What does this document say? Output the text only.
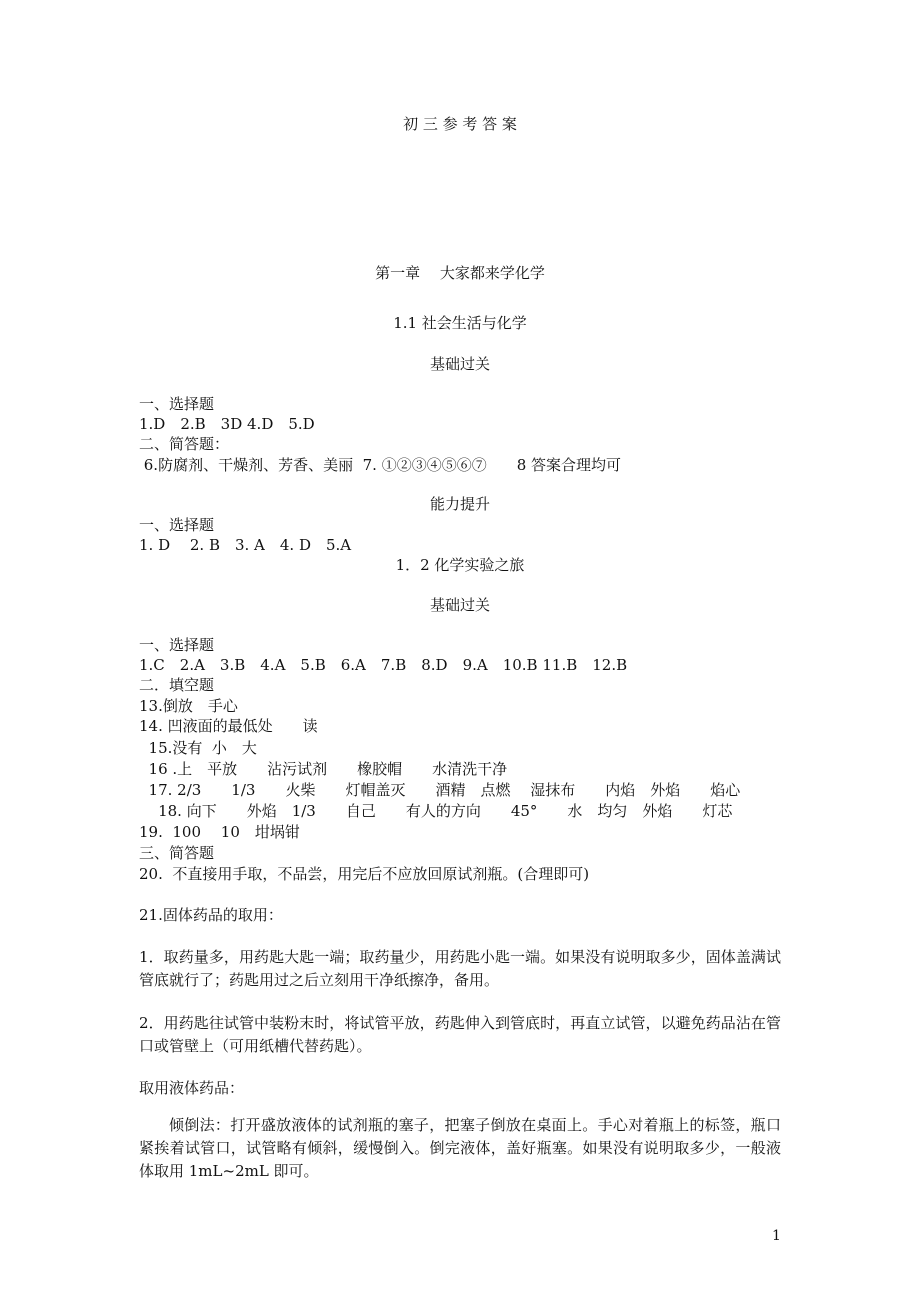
初 三 参 考 答 案
第一章　 大家都来学化学
1.1 社会生活与化学
基础过关
一、选择题
1.D　2.B　3D 4.D　5.D
二、简答题：
6.防腐剂、干燥剂、芳香、美丽  7. ①②③④⑤⑥⑦　　8 答案合理均可
能力提升
一、选择题
1. D　 2. B　3. A　4. D　5.A
1．2 化学实验之旅
基础过关
一、选择题
1.C　2.A　3.B　4.A　5.B　6.A　7.B　8.D　9.A　10.B 11.B　12.B
二．填空题
13.倒放　手心
14. 凹液面的最低处　　读
15.没有  小　大
16 .上　平放　　沾污试剂　　橡胶帽　　水清洗干净
17. 2/3　　1/3　　火柴　　灯帽盖灭　　酒精　点燃　 湿抹布　　内焰　外焰　　焰心
18. 向下　　外焰　1/3　　自己　　有人的方向　　45°　　水　均匀　外焰　　灯芯
19.  100　 10　坩埚钳
三、简答题
20.  不直接用手取，不品尝，用完后不应放回原试剂瓶。(合理即可)
21.固体药品的取用：
1．取药量多，用药匙大匙一端；取药量少，用药匙小匙一端。如果没有说明取多少，固体盖满试管底就行了；药匙用过之后立刻用干净纸擦净，备用。
2．用药匙往试管中装粉末时，将试管平放，药匙伸入到管底时，再直立试管，以避免药品沾在管口或管壁上（可用纸槽代替药匙）。
取用液体药品：
倾倒法：打开盛放液体的试剂瓶的塞子，把塞子倒放在桌面上。手心对着瓶上的标签，瓶口紧挨着试管口，试管略有倾斜，缓慢倒入。倒完液体，盖好瓶塞。如果没有说明取多少，一般液体取用 1mL~2mL 即可。
1
